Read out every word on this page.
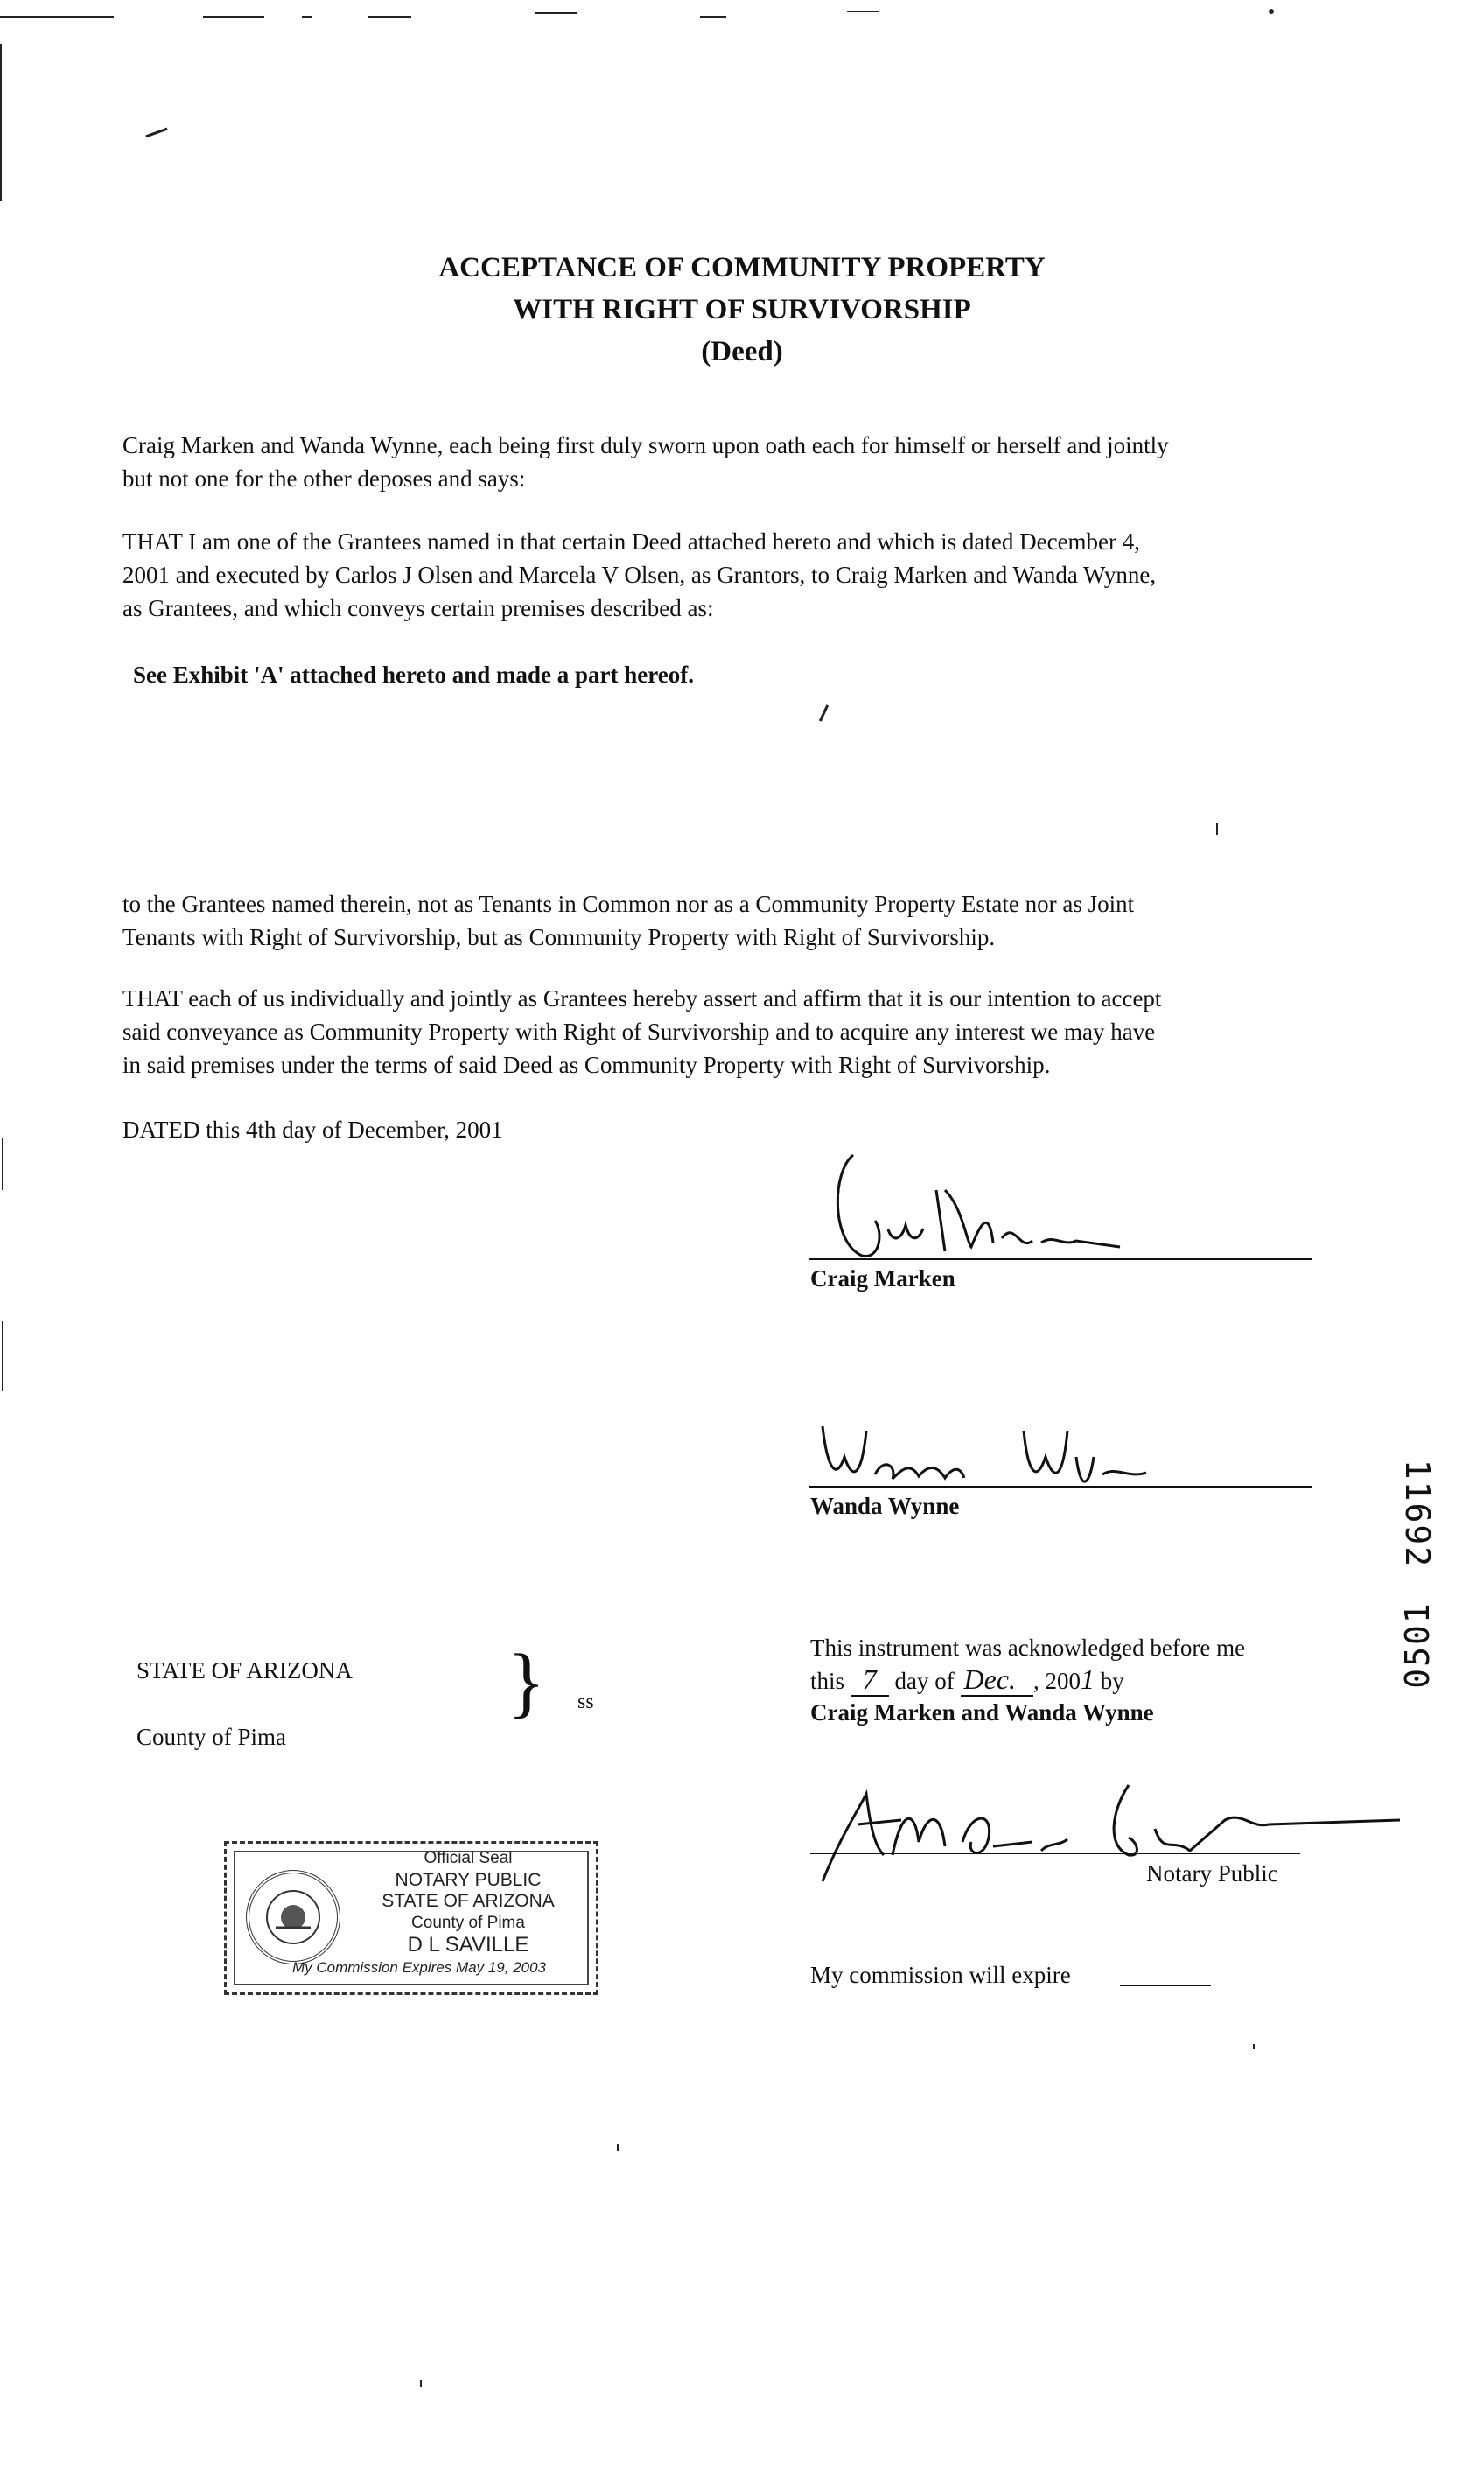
ACCEPTANCE OF COMMUNITY PROPERTY
WITH RIGHT OF SURVIVORSHIP
(Deed)
Craig Marken and Wanda Wynne, each being first duly sworn upon oath each for himself or herself and jointly
but not one for the other deposes and says:
THAT I am one of the Grantees named in that certain Deed attached hereto and which is dated December 4,
2001 and executed by Carlos J Olsen and Marcela V Olsen, as Grantors, to Craig Marken and Wanda Wynne,
as Grantees, and which conveys certain premises described as:
See Exhibit 'A' attached hereto and made a part hereof.
to the Grantees named therein, not as Tenants in Common nor as a Community Property Estate nor as Joint
Tenants with Right of Survivorship, but as Community Property with Right of Survivorship.
THAT each of us individually and jointly as Grantees hereby assert and affirm that it is our intention to accept
said conveyance as Community Property with Right of Survivorship and to acquire any interest we may have
in said premises under the terms of said Deed as Community Property with Right of Survivorship.
DATED this 4th day of December, 2001
Craig Marken
Wanda Wynne
STATE OF ARIZONA
County of Pima
} ss
This instrument was acknowledged before me
this 7 day of Dec. , 2001 by
Craig Marken and Wanda Wynne
Notary Public
My commission will expire
Official Seal
NOTARY PUBLIC
STATE OF ARIZONA
County of Pima
D L SAVILLE
My Commission Expires May 19, 2003
11692
0501
